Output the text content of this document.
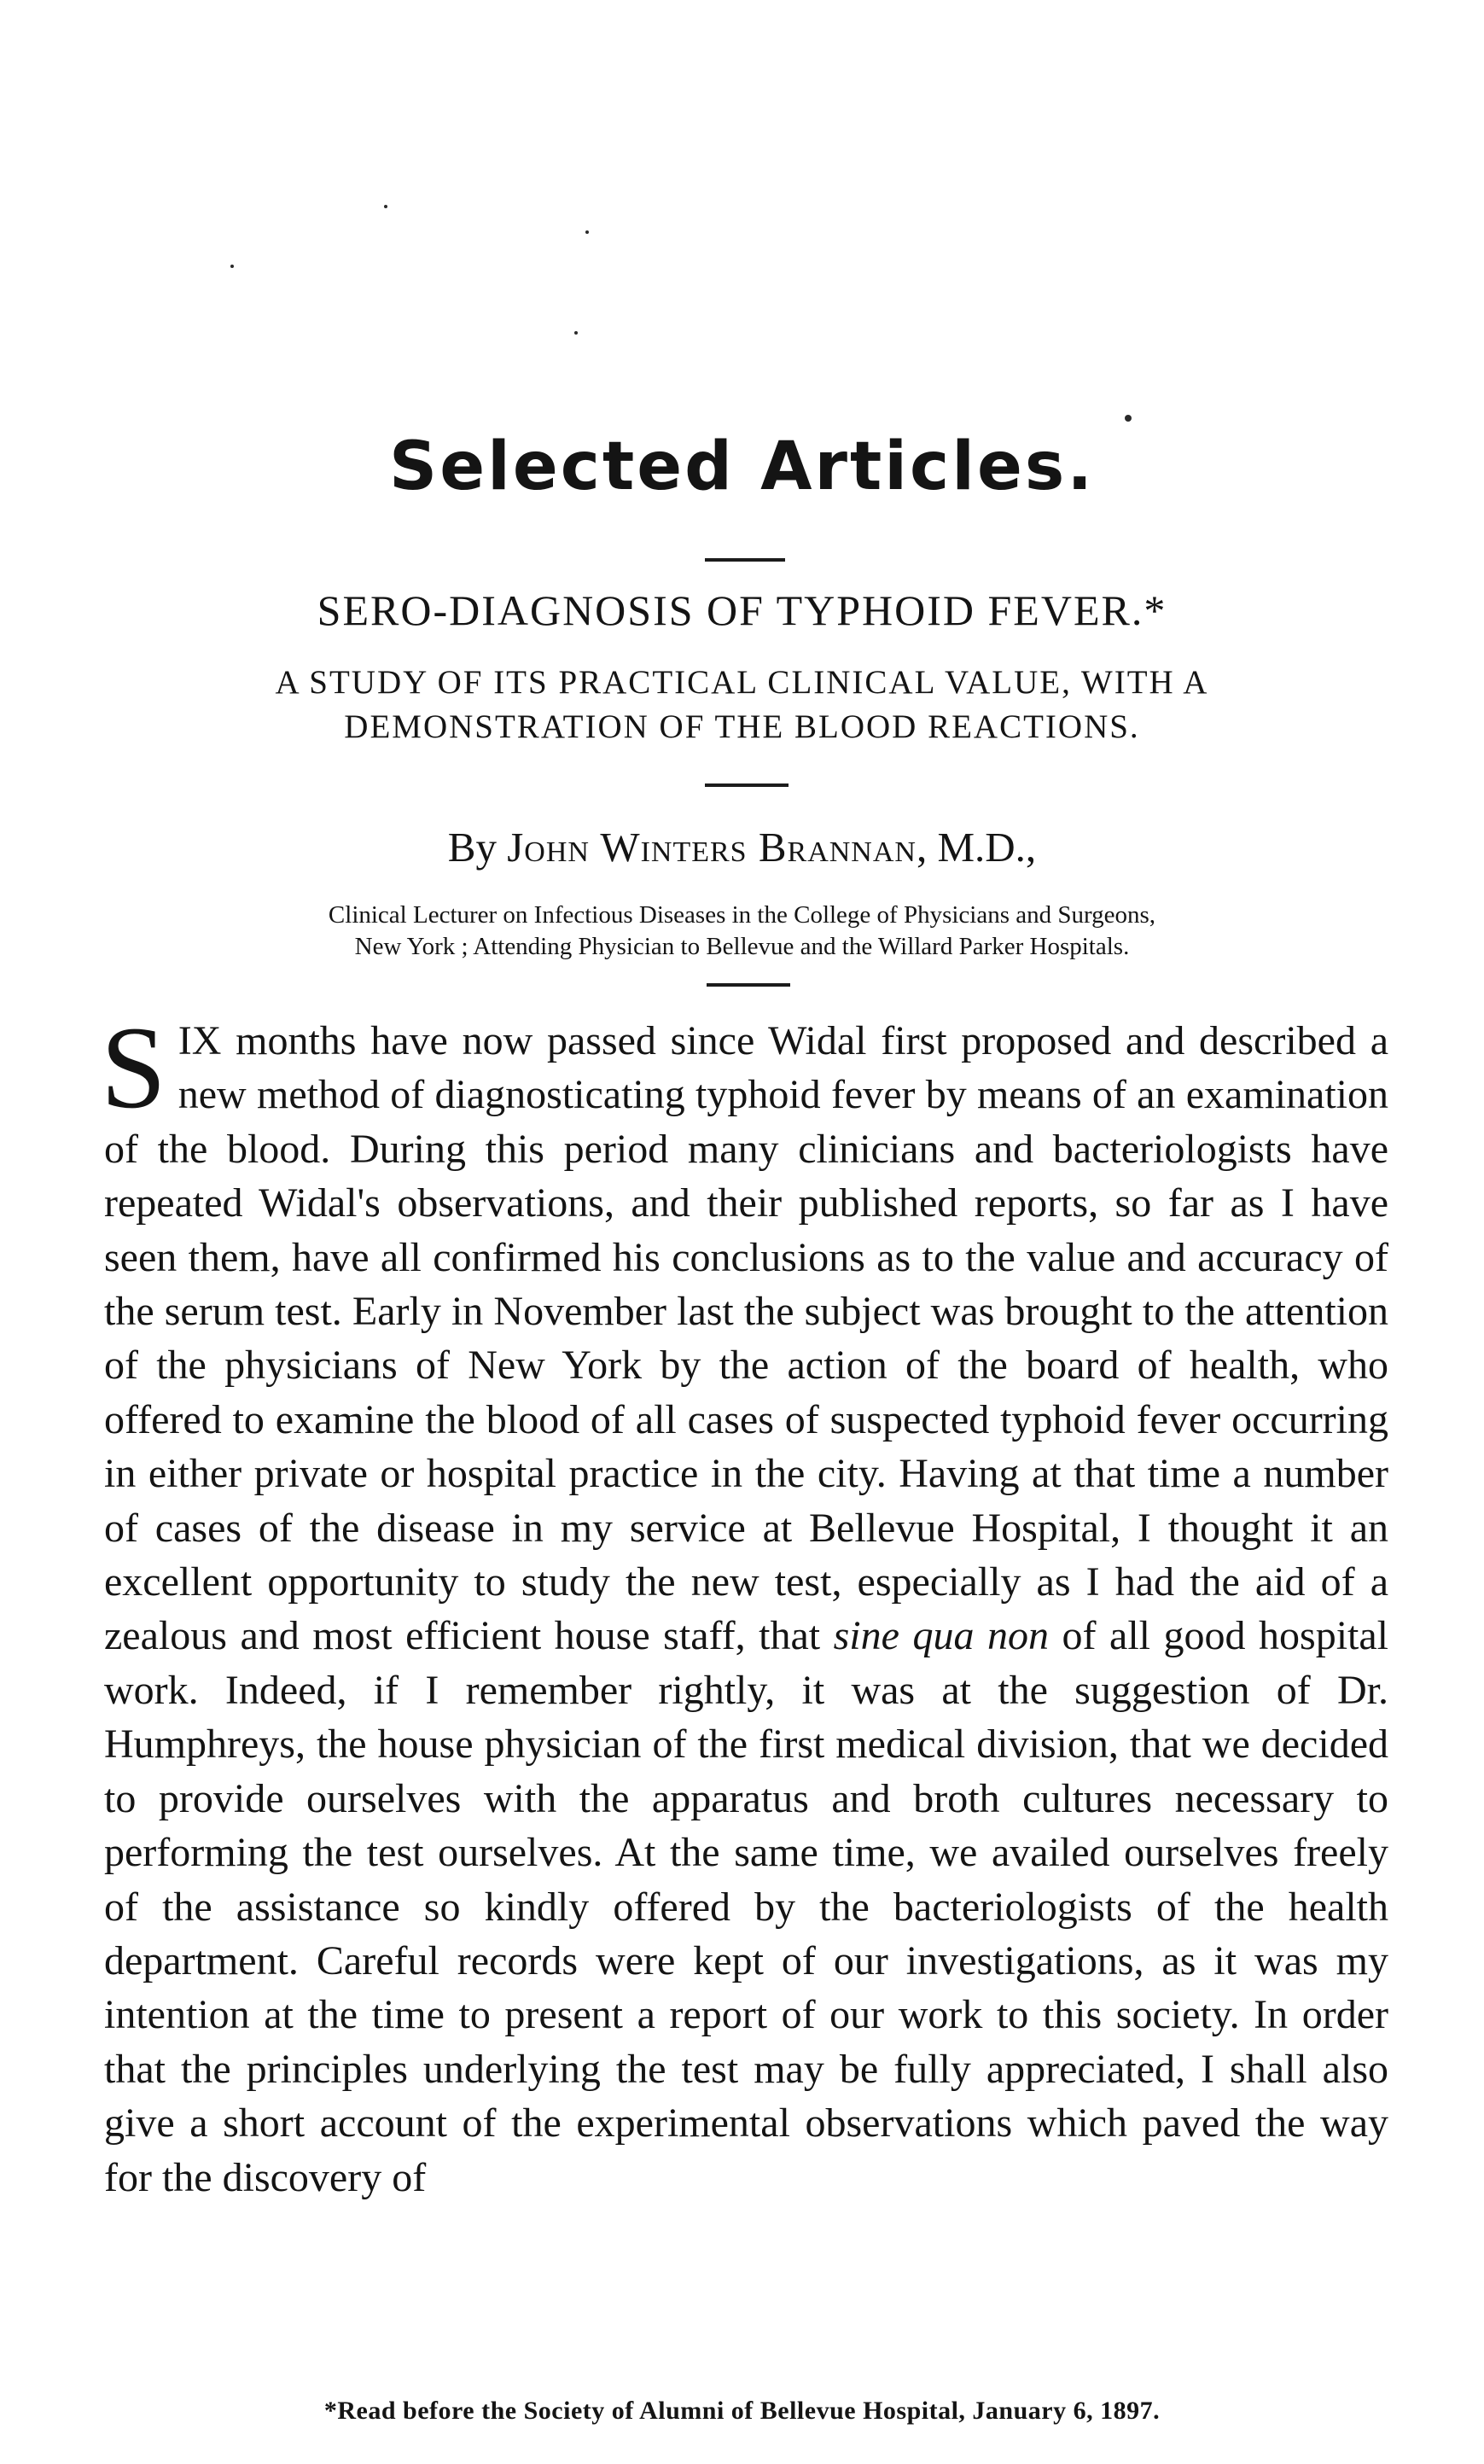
Selected Articles.
SERO-DIAGNOSIS OF TYPHOID FEVER.*
A STUDY OF ITS PRACTICAL CLINICAL VALUE, WITH A
DEMONSTRATION OF THE BLOOD REACTIONS.
By John Winters Brannan, M.D.,
Clinical Lecturer on Infectious Diseases in the College of Physicians and Surgeons,
New York ; Attending Physician to Bellevue and the Willard Parker Hospitals.

SIX months have now passed since Widal first proposed and described a new method of diagnosticating typhoid fever by means of an examination of the blood. During this period many clinicians and bacteriologists have repeated Widal's observations, and their published reports, so far as I have seen them, have all confirmed his conclusions as to the value and accuracy of the serum test. Early in November last the subject was brought to the attention of the physicians of New York by the action of the board of health, who offered to examine the blood of all cases of suspected typhoid fever occurring in either private or hospital practice in the city. Having at that time a number of cases of the disease in my service at Bellevue Hospital, I thought it an excellent opportunity to study the new test, especially as I had the aid of a zealous and most efficient house staff, that sine qua non of all good hospital work. Indeed, if I remember rightly, it was at the suggestion of Dr. Humphreys, the house physician of the first medical division, that we decided to provide ourselves with the apparatus and broth cultures necessary to performing the test ourselves. At the same time, we availed ourselves freely of the assistance so kindly offered by the bacteriologists of the health department. Careful records were kept of our investigations, as it was my intention at the time to present a report of our work to this society. In order that the principles underlying the test may be fully appreciated, I shall also give a short account of the experimental observations which paved the way for the discovery of

*Read before the Society of Alumni of Bellevue Hospital, January 6, 1897.
